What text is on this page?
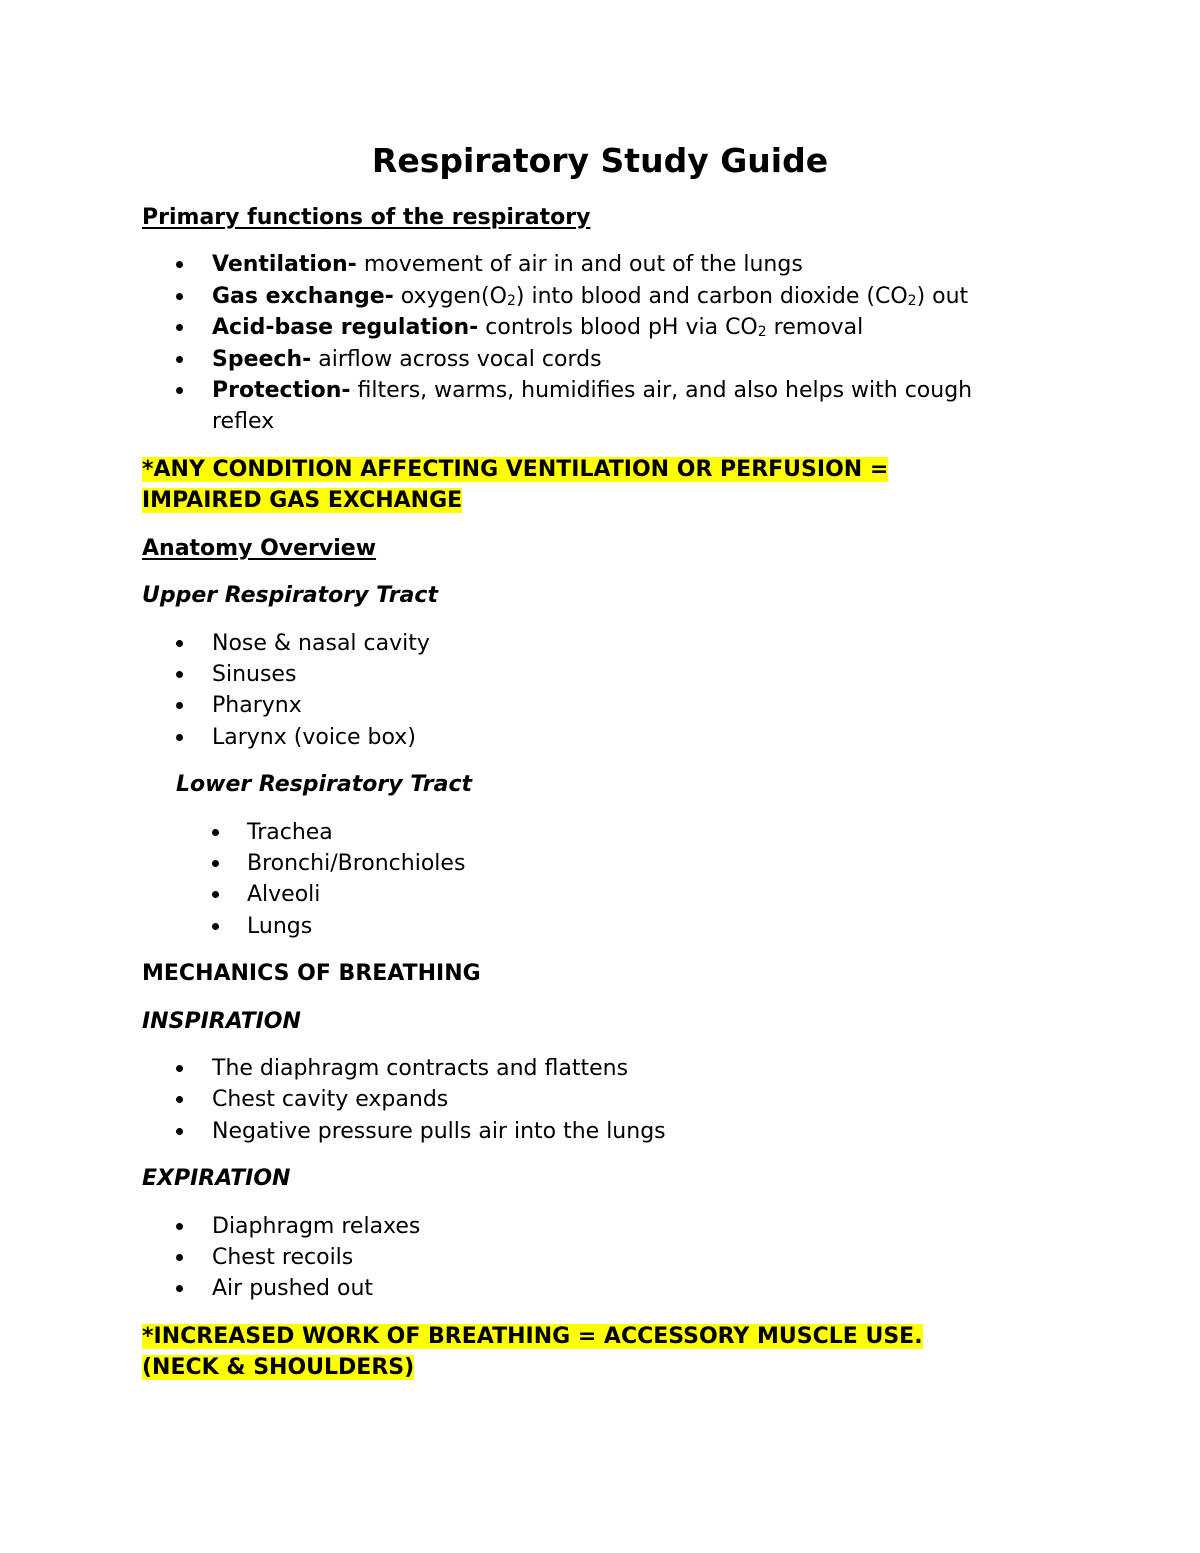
Respiratory Study Guide
Primary functions of the respiratory
Ventilation- movement of air in and out of the lungs
Gas exchange- $oxygen(O_2)$ into blood and carbon dioxide $(CO_2)$ out
Acid-base regulation- controls blood pH via $CO_2$ removal
Speech- airflow across vocal cords
Protection- filters, warms, humidifies air, and also helps with cough
reflex
*ANY CONDITION AFFECTING VENTILATION OR PERFUSION =
IMPAIRED GAS EXCHANGE
Anatomy Overview
Upper Respiratory Tract
Nose & nasal cavity
Sinuses
Pharynx
Larynx (voice box)
Lower Respiratory Tract
Trachea
Bronchi/Bronchioles
Alveoli
Lungs
MECHANICS OF BREATHING
INSPIRATION
The diaphragm contracts and flattens
Chest cavity expands
Negative pressure pulls air into the lungs
EXPIRATION
Diaphragm relaxes
Chest recoils
Air pushed out
*INCREASED WORK OF BREATHING = ACCESSORY MUSCLE USE.
(NECK & SHOULDERS)
